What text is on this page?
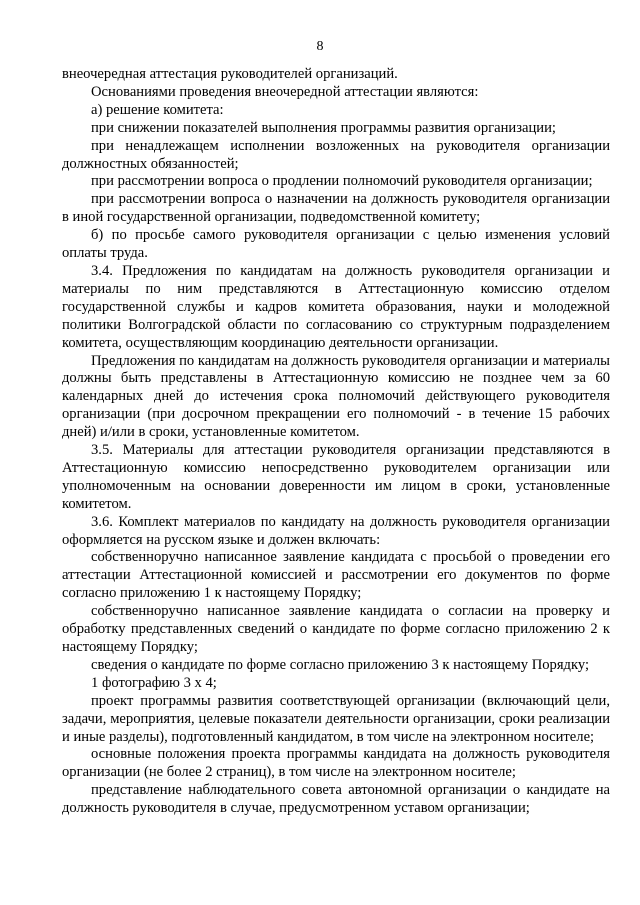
8

внеочередная аттестация руководителей организаций.

Основаниями проведения внеочередной аттестации являются:

а) решение комитета:

при снижении показателей выполнения программы развития организации;

при ненадлежащем исполнении возложенных на руководителя организации должностных обязанностей;

при рассмотрении вопроса о продлении полномочий руководителя организации;

при рассмотрении вопроса о назначении на должность руководителя организации в иной государственной организации, подведомственной комитету;

б) по просьбе самого руководителя организации с целью изменения условий оплаты труда.

3.4. Предложения по кандидатам на должность руководителя организации и материалы по ним представляются в Аттестационную комиссию отделом государственной службы и кадров комитета образования, науки и молодежной политики Волгоградской области по согласованию со структурным подразделением комитета, осуществляющим координацию деятельности организации.

Предложения по кандидатам на должность руководителя организации и материалы должны быть представлены в Аттестационную комиссию не позднее чем за 60 календарных дней до истечения срока полномочий действующего руководителя организации (при досрочном прекращении его полномочий - в течение 15 рабочих дней) и/или в сроки, установленные комитетом.

3.5. Материалы для аттестации руководителя организации представляются в Аттестационную комиссию непосредственно руководителем организации или уполномоченным на основании доверенности им лицом в сроки, установленные комитетом.

3.6. Комплект материалов по кандидату на должность руководителя организации оформляется на русском языке и должен включать:

собственноручно написанное заявление кандидата с просьбой о проведении его аттестации Аттестационной комиссией и рассмотрении его документов по форме согласно приложению 1 к настоящему Порядку;

собственноручно написанное заявление кандидата о согласии на проверку и обработку представленных сведений о кандидате по форме согласно приложению 2 к настоящему Порядку;

сведения о кандидате по форме согласно приложению 3 к настоящему Порядку;

1 фотографию 3 х 4;

проект программы развития соответствующей организации (включающий цели, задачи, мероприятия, целевые показатели деятельности организации, сроки реализации и иные разделы), подготовленный кандидатом, в том числе на электронном носителе;

основные положения проекта программы кандидата на должность руководителя организации (не более 2 страниц), в том числе на электронном носителе;

представление наблюдательного совета автономной организации о кандидате на должность руководителя в случае, предусмотренном уставом организации;
